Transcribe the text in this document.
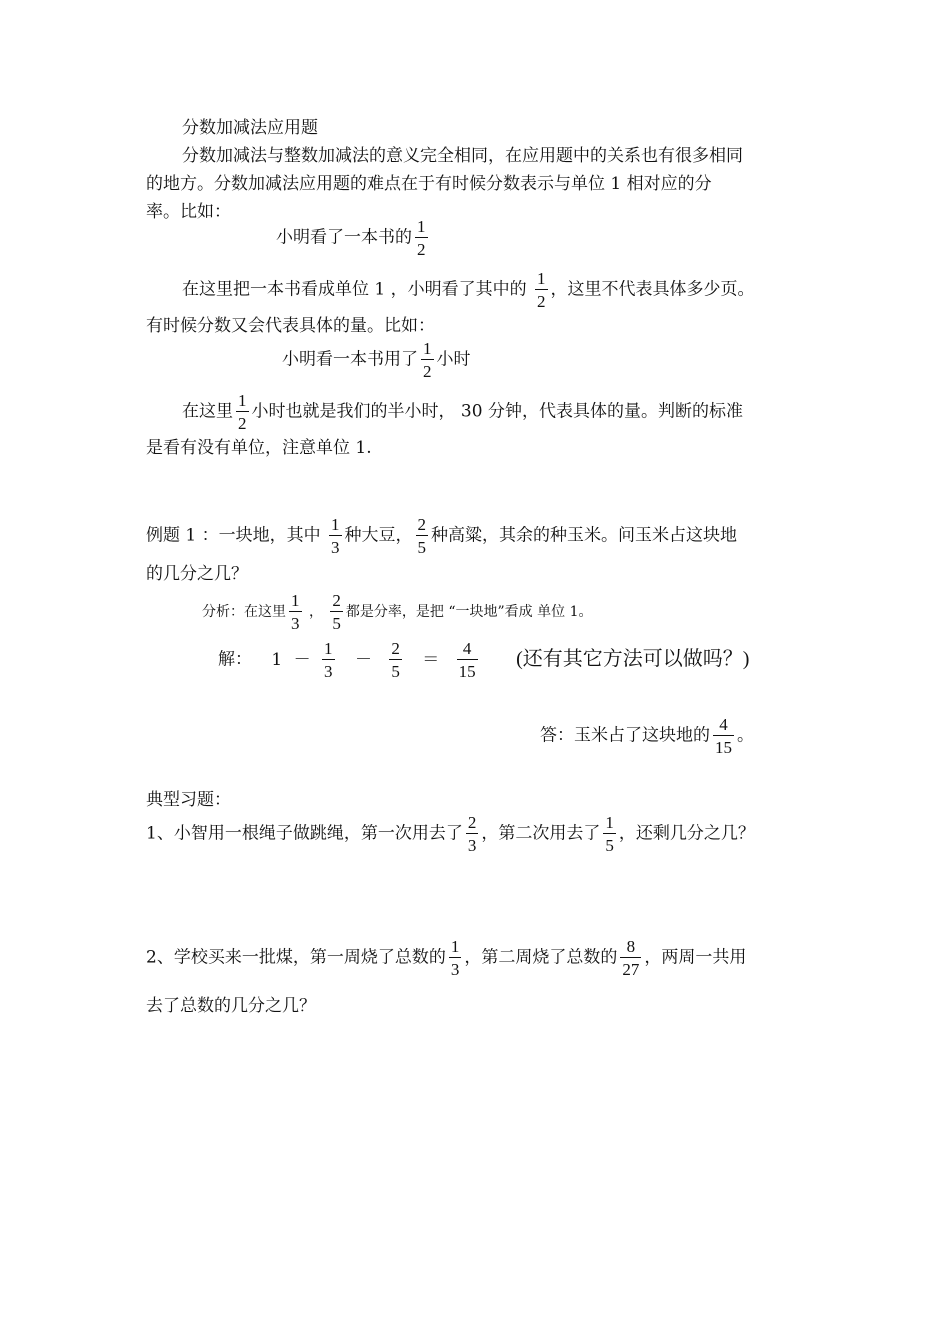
分数加减法应用题
分数加减法与整数加减法的意义完全相同，在应用题中的关系也有很多相同
的地方。分数加减法应用题的难点在于有时候分数表示与单位 1 相对应的分
率。比如：
小明看了一本书的 $\frac{1}{2}$
在这里把一本书看成单位 1 ，小明看了其中的 $\frac{1}{2}$ ，这里不代表具体多少页。
有时候分数又会代表具体的量。比如：
小明看一本书用了 $\frac{1}{2}$ 小时
在这里 $\frac{1}{2}$ 小时也就是我们的半小时， 30 分钟，代表具体的量。判断的标准
是看有没有单位，注意单位 1.
例题 1 ：一块地，其中 $\frac{1}{3}$ 种大豆， $\frac{2}{5}$ 种高粱，其余的种玉米。问玉米占这块地
的几分之几？
分析：在这里 $\frac{1}{3}$ ， $\frac{2}{5}$ 都是分率，是把 “一块地”看成 单位 1。
解： $1 - \frac{1}{3} - \frac{2}{5} = \frac{4}{15}$ (还有其它方法可以做吗？)
答：玉米占了这块地的 $\frac{4}{15}$ 。
典型习题：
1、小智用一根绳子做跳绳，第一次用去了 $\frac{2}{3}$ ，第二次用去了 $\frac{1}{5}$ ，还剩几分之几？
2、学校买来一批煤，第一周烧了总数的 $\frac{1}{3}$ ，第二周烧了总数的 $\frac{8}{27}$ ，两周一共用
去了总数的几分之几？
